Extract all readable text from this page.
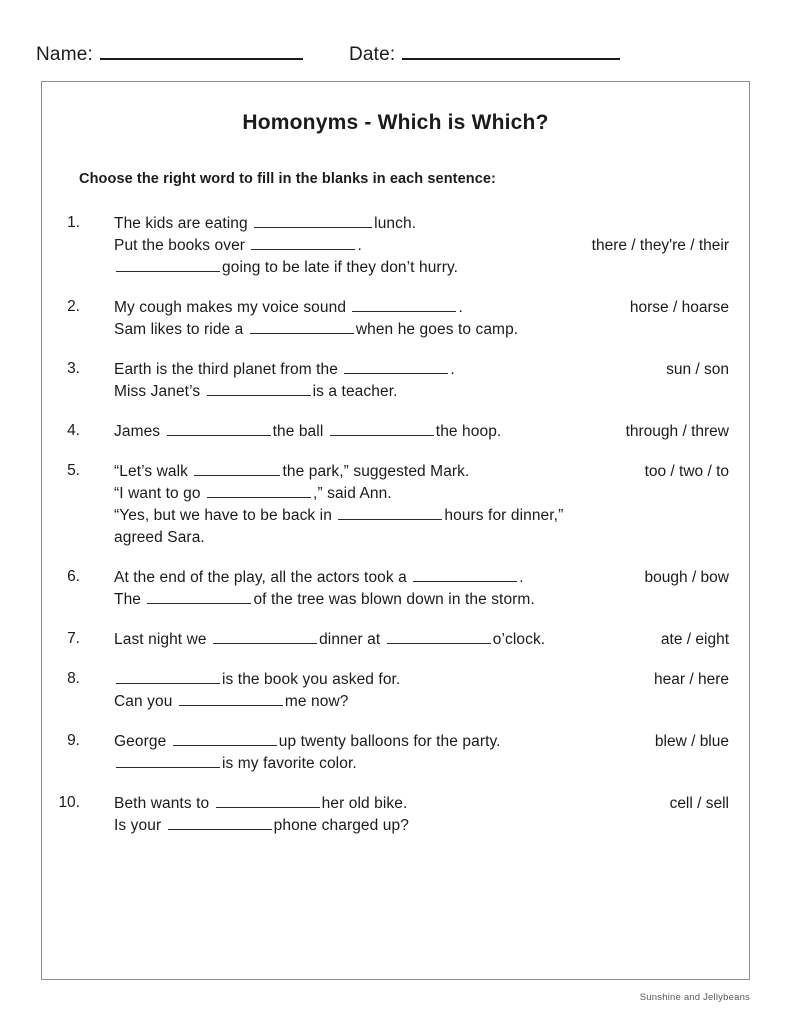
Name:	Date:
Homonyms - Which is Which?
Choose the right word to fill in the blanks in each sentence:
1.	The kids are eating	lunch.
Put the books over	.
going to be late if they don’t hurry.
there / they're / their
2.	My cough makes my voice sound	.
Sam likes to ride a	when he goes to camp.
horse / hoarse
3.	Earth is the third planet from the	.
Miss Janet’s	is a teacher.
sun / son
4.	James	the ball	the hoop.	through / threw
5.	“Let’s walk	the park,” suggested Mark.
“I want to go	,” said Ann.
“Yes, but we have to be back in	hours for dinner,”
agreed Sara.
too / two / to
6.	At the end of the play, all the actors took a	.
The	of the tree was blown down in the storm.
bough / bow
7.	Last night we	dinner at	o’clock.	ate / eight
8.	is the book you asked for.
Can you	me now?
hear / here
9.	George	up twenty balloons for the party.
is my favorite color.
blew / blue
10.	Beth wants to	her old bike.
Is your	phone charged up?
cell / sell
Sunshine and Jellybeans
